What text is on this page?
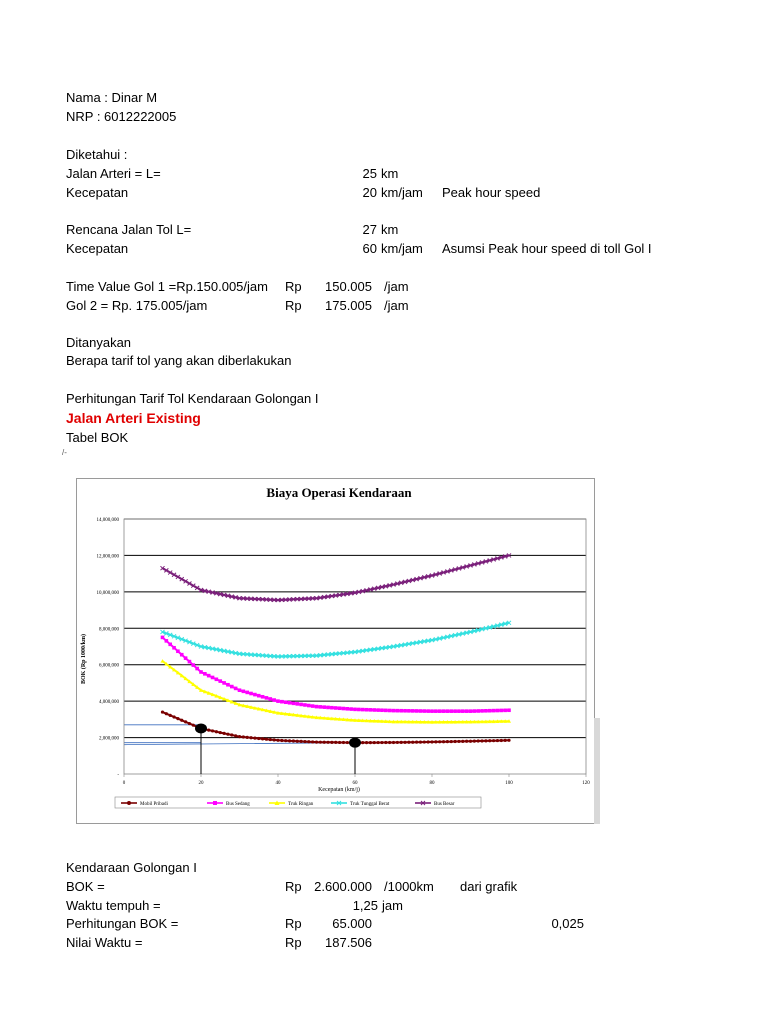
Nama : Dinar M
NRP : 6012222005
Diketahui :
Jalan Arteri = L=	25 km
Kecepatan	20 km/jam Peak hour speed
Rencana Jalan Tol L=	27 km
Kecepatan	60 km/jam Asumsi Peak hour speed di toll Gol I
Time Value Gol 1 =Rp.150.005/jam Rp	150.005 /jam
Gol 2 = Rp. 175.005/jam	Rp	175.005 /jam
Ditanyakan
Berapa tarif tol yang akan diberlakukan
Perhitungan Tarif Tol Kendaraan Golongan I
Jalan Arteri Existing
Tabel BOK
/-
Biaya Operasi Kendaraan
-
2,000,000
4,000,000
6,000,000
8,000,000
10,000,000
12,000,000
14,000,000
0	20	40	60	80	100	120
Kecepatan (km/j)
BOK (Rp 1000/km)
Mobil Pribadi	Bus Sedang	Truk Ringan	Truk Tunggal Berat	Bus Besar
Kendaraan Golongan I
BOK =	Rp 2.600.000 /1000km dari grafik
Waktu tempuh =	1,25 jam
Perhitungan BOK =	Rp	65.000	0,025
Nilai Waktu =	Rp	187.506
